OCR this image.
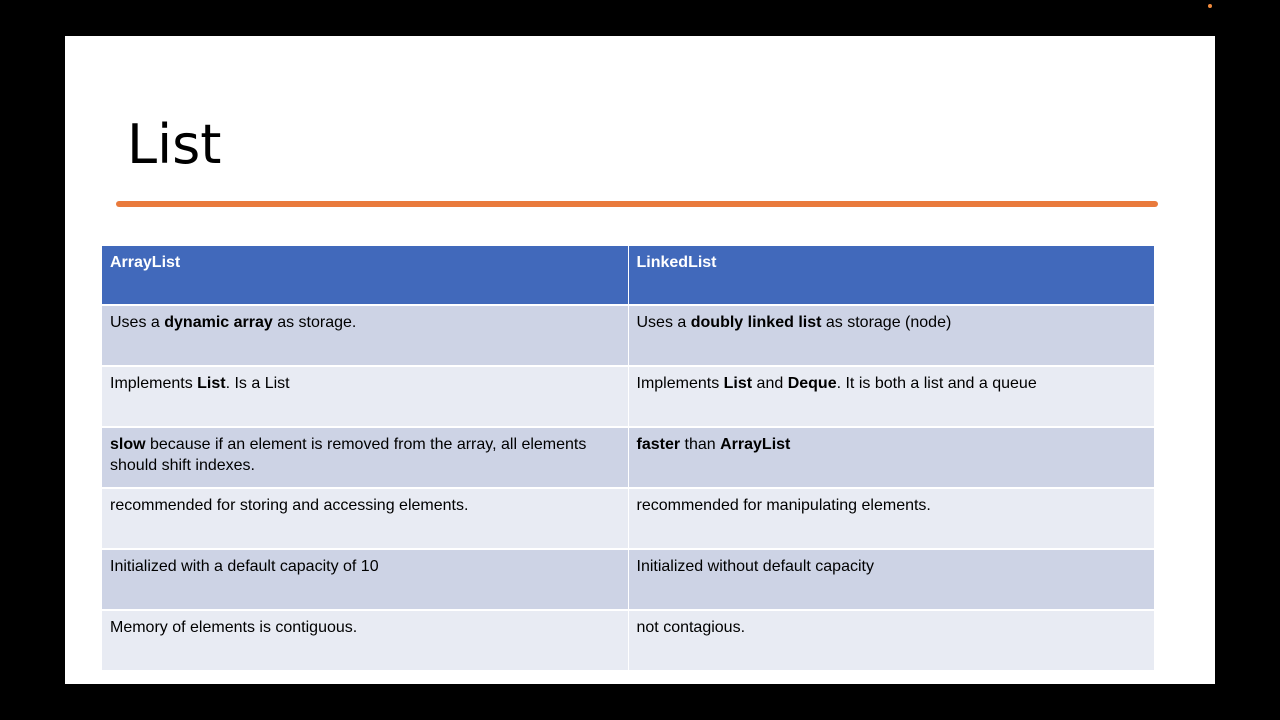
List
ArrayList	LinkedList
Uses a dynamic array as storage.	Uses a doubly linked list as storage (node)
Implements List. Is a List	Implements List and Deque. It is both a list and a queue
slow because if an element is removed from the array, all elements should shift indexes.	faster than ArrayList
recommended for storing and accessing elements.	recommended for manipulating elements.
Initialized with a default capacity of 10	Initialized without default capacity
Memory of elements is contiguous.	not contagious.
